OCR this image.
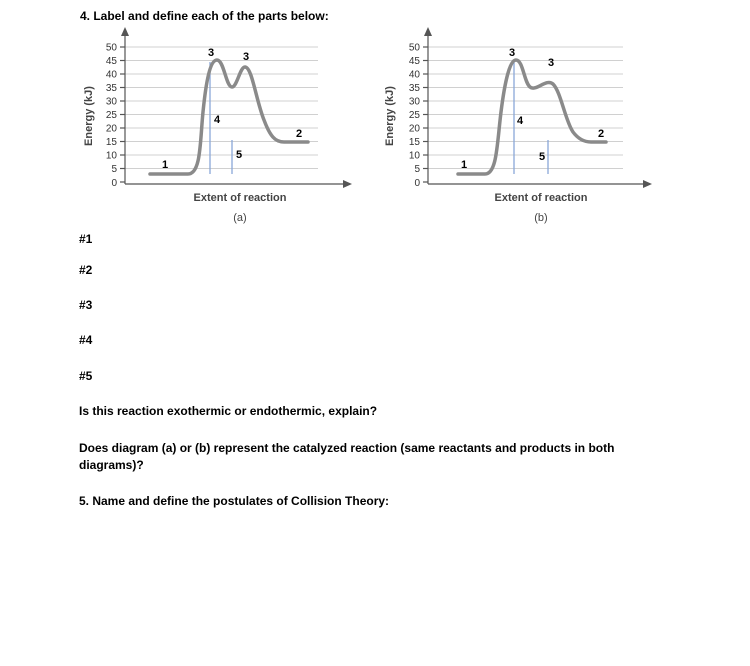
4. Label and define each of the parts below:
50
45
40
35
30
25
20
15
10
5
0
Energy (kJ)
Extent of reaction
(a)
1
2
3	3
4
5
50
45
40
35
30
25
20
15
10
5
0
Energy (kJ)
Extent of reaction
(b)
1
2
3
3
4
5
#1
#2
#3
#4
#5
Is this reaction exothermic or endothermic, explain?
Does diagram (a) or (b) represent the catalyzed reaction (same reactants and products in both diagrams)?
5. Name and define the postulates of Collision Theory:
